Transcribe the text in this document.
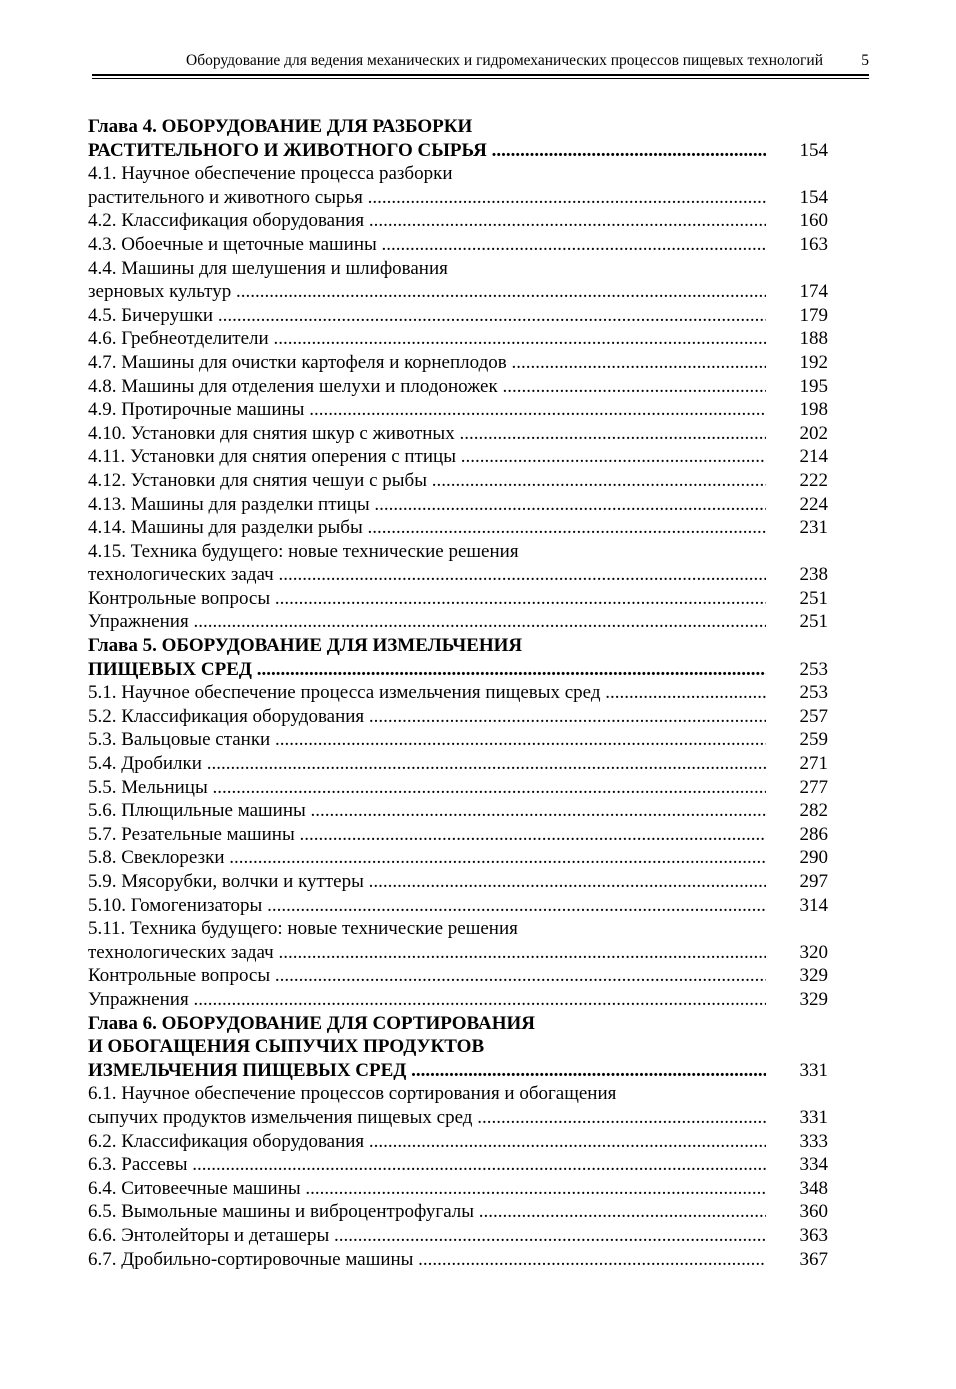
Оборудование для ведения механических и гидромеханических процессов пищевых технологий 5
Глава 4. ОБОРУДОВАНИЕ ДЛЯ РАЗБОРКИ
РАСТИТЕЛЬНОГО И ЖИВОТНОГО СЫРЬЯ .....	154
4.1. Научное обеспечение процесса разборки
растительного и животного сырья .....	154
4.2. Классификация оборудования .....	160
4.3. Обоечные и щеточные машины .....	163
4.4. Машины для шелушения и шлифования
зерновых культур .....	174
4.5. Бичерушки .....	179
4.6. Гребнеотделители .....	188
4.7. Машины для очистки картофеля и корнеплодов .....	192
4.8. Машины для отделения шелухи и плодоножек .....	195
4.9. Протирочные машины .....	198
4.10. Установки для снятия шкур с животных .....	202
4.11. Установки для снятия оперения с птицы .....	214
4.12. Установки для снятия чешуи с рыбы .....	222
4.13. Машины для разделки птицы .....	224
4.14. Машины для разделки рыбы .....	231
4.15. Техника будущего: новые технические решения
технологических задач .....	238
Контрольные вопросы .....	251
Упражнения .....	251
Глава 5. ОБОРУДОВАНИЕ ДЛЯ ИЗМЕЛЬЧЕНИЯ
ПИЩЕВЫХ СРЕД .....	253
5.1. Научное обеспечение процесса измельчения пищевых сред .....	253
5.2. Классификация оборудования .....	257
5.3. Вальцовые станки .....	259
5.4. Дробилки .....	271
5.5. Мельницы .....	277
5.6. Плющильные машины .....	282
5.7. Резательные машины .....	286
5.8. Свеклорезки .....	290
5.9. Мясорубки, волчки и куттеры .....	297
5.10. Гомогенизаторы .....	314
5.11. Техника будущего: новые технические решения
технологических задач .....	320
Контрольные вопросы .....	329
Упражнения .....	329
Глава 6. ОБОРУДОВАНИЕ ДЛЯ СОРТИРОВАНИЯ
И ОБОГАЩЕНИЯ СЫПУЧИХ ПРОДУКТОВ
ИЗМЕЛЬЧЕНИЯ ПИЩЕВЫХ СРЕД .....	331
6.1. Научное обеспечение процессов сортирования и обогащения
сыпучих продуктов измельчения пищевых сред .....	331
6.2. Классификация оборудования .....	333
6.3. Рассевы .....	334
6.4. Ситовеечные машины .....	348
6.5. Вымольные машины и виброцентрофугалы .....	360
6.6. Энтолейторы и деташеры .....	363
6.7. Дробильно-сортировочные машины .....	367
